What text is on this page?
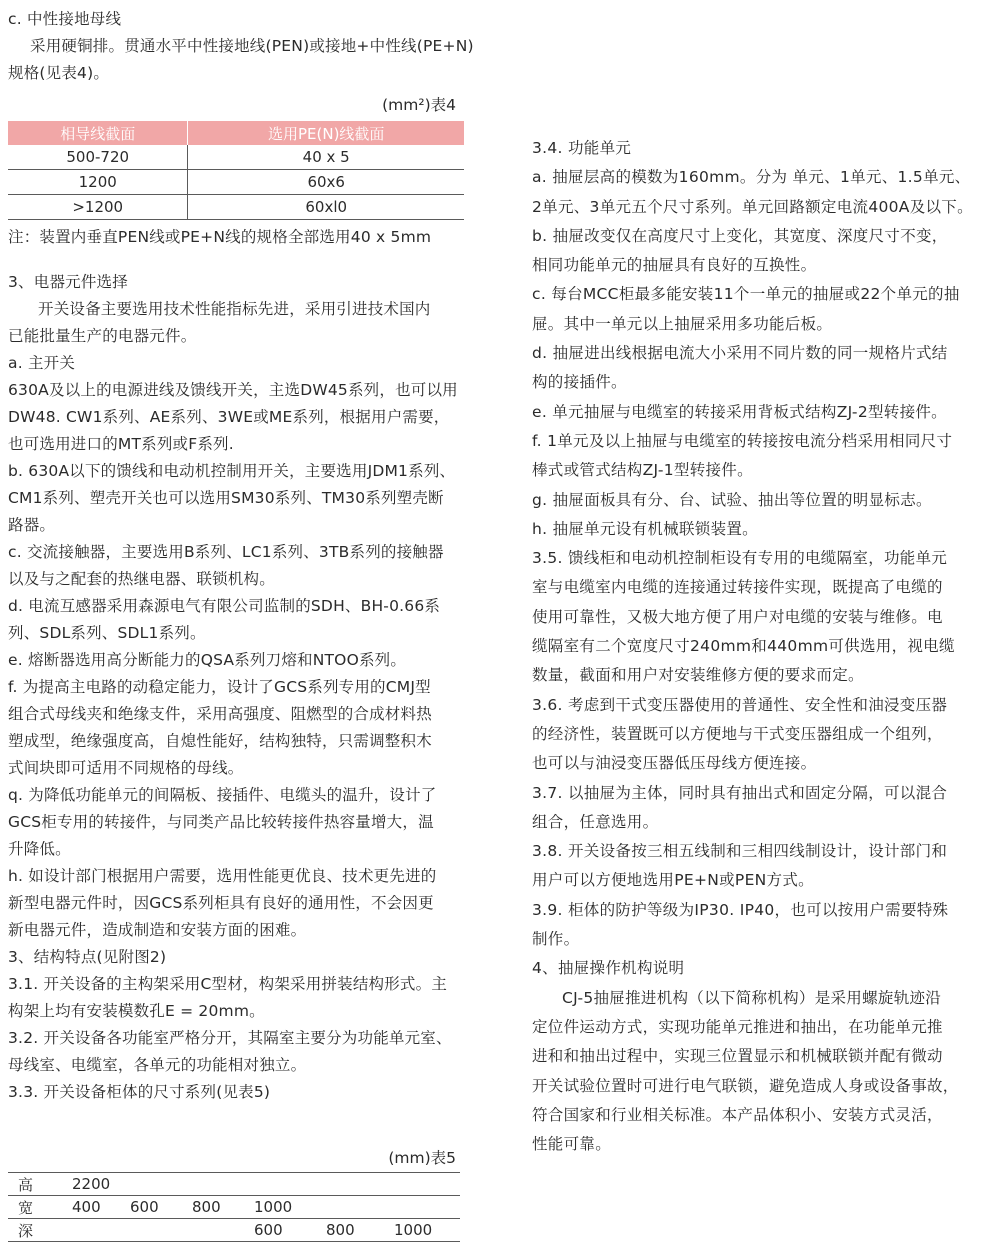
c. 中性接地母线
采用硬铜排。贯通水平中性接地线(PEN)或接地+中性线(PE+N)
规格(见表4)。
(mm²)表4
相导线截面	选用PE(N)线截面
500-720	40 x 5
1200	60x6
>1200	60xl0
注：装置内垂直PEN线或PE+N线的规格全部选用40 x 5mm
3、电器元件选择
开关设备主要选用技术性能指标先进，采用引进技术国内
已能批量生产的电器元件。
a. 主开关
630A及以上的电源进线及馈线开关，主选DW45系列，也可以用
DW48. CW1系列、AE系列、3WE或ME系列，根据用户需要，
也可选用进口的MT系列或F系列.
b. 630A以下的馈线和电动机控制用开关，主要选用JDM1系列、
CM1系列、塑壳开关也可以选用SM30系列、TM30系列塑壳断
路器。
c. 交流接触器，主要选用B系列、LC1系列、3TB系列的接触器
以及与之配套的热继电器、联锁机构。
d. 电流互感器采用森源电气有限公司监制的SDH、BH-0.66系
列、SDL系列、SDL1系列。
e. 熔断器选用高分断能力的QSA系列刀熔和NTOO系列。
f. 为提高主电路的动稳定能力，设计了GCS系列专用的CMJ型
组合式母线夹和绝缘支件，采用高强度、阻燃型的合成材料热
塑成型，绝缘强度高，自熄性能好，结构独特，只需调整积木
式间块即可适用不同规格的母线。
q. 为降低功能单元的间隔板、接插件、电缆头的温升，设计了
GCS柜专用的转接件，与同类产品比较转接件热容量增大，温
升降低。
h. 如设计部门根据用户需要，选用性能更优良、技术更先进的
新型电器元件时，因GCS系列柜具有良好的通用性，不会因更
新电器元件，造成制造和安装方面的困难。
3、结构特点(见附图2)
3.1. 开关设备的主构架采用C型材，构架采用拼装结构形式。主
构架上均有安装模数孔E = 20mm。
3.2. 开关设备各功能室严格分开，其隔室主要分为功能单元室、
母线室、电缆室，各单元的功能相对独立。
3.3. 开关设备柜体的尺寸系列(见表5)
(mm)表5
高	2200					
宽	400	600	800	1000		
深				600	800	1000
3.4. 功能单元
a. 抽屉层高的模数为160mm。分为 单元、1单元、1.5单元、
2单元、3单元五个尺寸系列。单元回路额定电流400A及以下。
b. 抽屉改变仅在高度尺寸上变化，其宽度、深度尺寸不变，
相同功能单元的抽屉具有良好的互换性。
c. 每台MCC柜最多能安装11个一单元的抽屉或22个单元的抽
屉。其中一单元以上抽屉采用多功能后板。
d. 抽屉进出线根据电流大小采用不同片数的同一规格片式结
构的接插件。
e. 单元抽屉与电缆室的转接采用背板式结构ZJ-2型转接件。
f. 1单元及以上抽屉与电缆室的转接按电流分档采用相同尺寸
棒式或管式结构ZJ-1型转接件。
g. 抽屉面板具有分、台、试验、抽出等位置的明显标志。
h. 抽屉单元设有机械联锁装置。
3.5. 馈线柜和电动机控制柜设有专用的电缆隔室，功能单元
室与电缆室内电缆的连接通过转接件实现，既提高了电缆的
使用可靠性，又极大地方便了用户对电缆的安装与维修。电
缆隔室有二个宽度尺寸240mm和440mm可供选用，视电缆
数量，截面和用户对安装维修方便的要求而定。
3.6. 考虑到干式变压器使用的普通性、安全性和油浸变压器
的经济性，装置既可以方便地与干式变压器组成一个组列，
也可以与油浸变压器低压母线方便连接。
3.7. 以抽屉为主体，同时具有抽出式和固定分隔，可以混合
组合，任意选用。
3.8. 开关设备按三相五线制和三相四线制设计，设计部门和
用户可以方便地选用PE+N或PEN方式。
3.9. 柜体的防护等级为IP30. IP40，也可以按用户需要特殊
制作。
4、抽屉操作机构说明
CJ-5抽屉推进机构（以下简称机构）是采用螺旋轨迹沿
定位件运动方式，实现功能单元推进和抽出，在功能单元推
进和和抽出过程中，实现三位置显示和机械联锁并配有微动
开关试验位置时可进行电气联锁，避免造成人身或设备事故，
符合国家和行业相关标准。本产品体积小、安装方式灵活，
性能可靠。
